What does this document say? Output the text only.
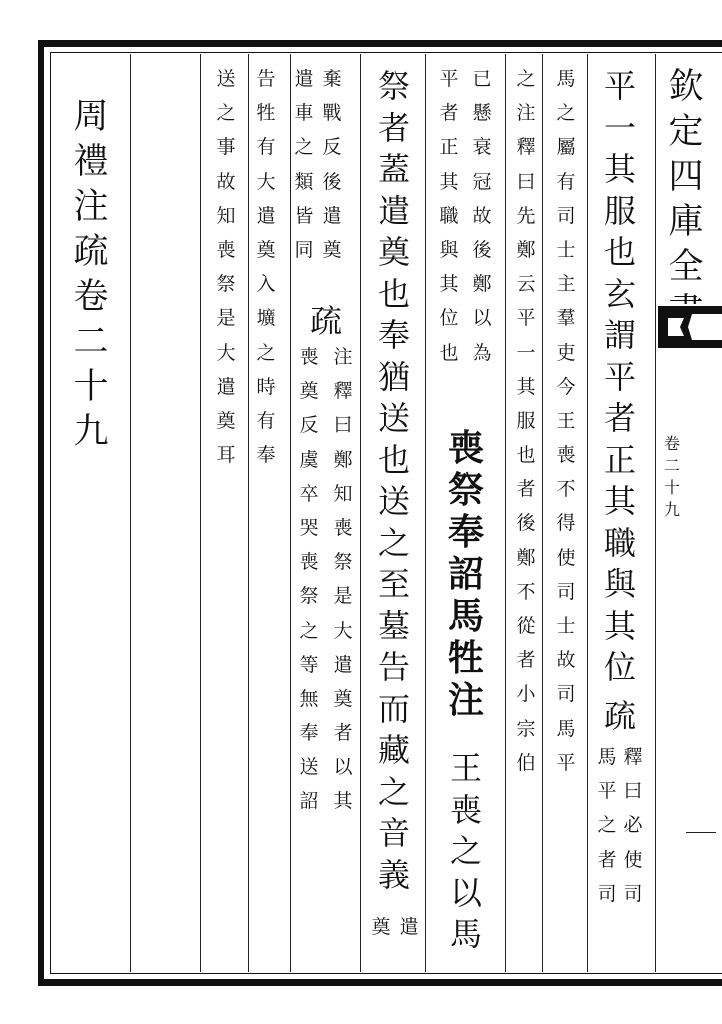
欽
定
四
庫
全
卷
二
十
九
平
一
其
服
也
玄
謂
平
者
正
其
職
與
其
位
疏
釋
曰
必
使
司
馬
平
之
者
司
馬
之
屬
有
司
士
主
羣
吏
今
王
喪
不
得
使
司
士
故
司
馬
平
之
注
釋
曰
先
鄭
云
平
一
其
服
也
者
後
鄭
不
從
者
小
宗
伯
已
懸
衰
冠
故
後
鄭
以
為
平
者
正
其
職
與
其
位
也
喪
祭
奉
詔
馬
牲
注
王
喪
之
以
馬
祭
者
蓋
遣
奠
也
奉
猶
送
也
送
之
至
墓
告
而
藏
之
音
義
遣
奠
棄
戰
反
後
遣
奠
疏
注
釋
曰
鄭
知
喪
祭
是
大
遣
奠
者
以
其
喪
奠
反
虞
卒
哭
喪
祭
之
等
無
奉
送
詔
遣
車
之
類
皆
同
告
牲
有
大
遣
奠
入
壙
之
時
有
奉
送
之
事
故
知
喪
祭
是
大
遣
奠
耳
周
禮
注
疏
卷
二
十
九
